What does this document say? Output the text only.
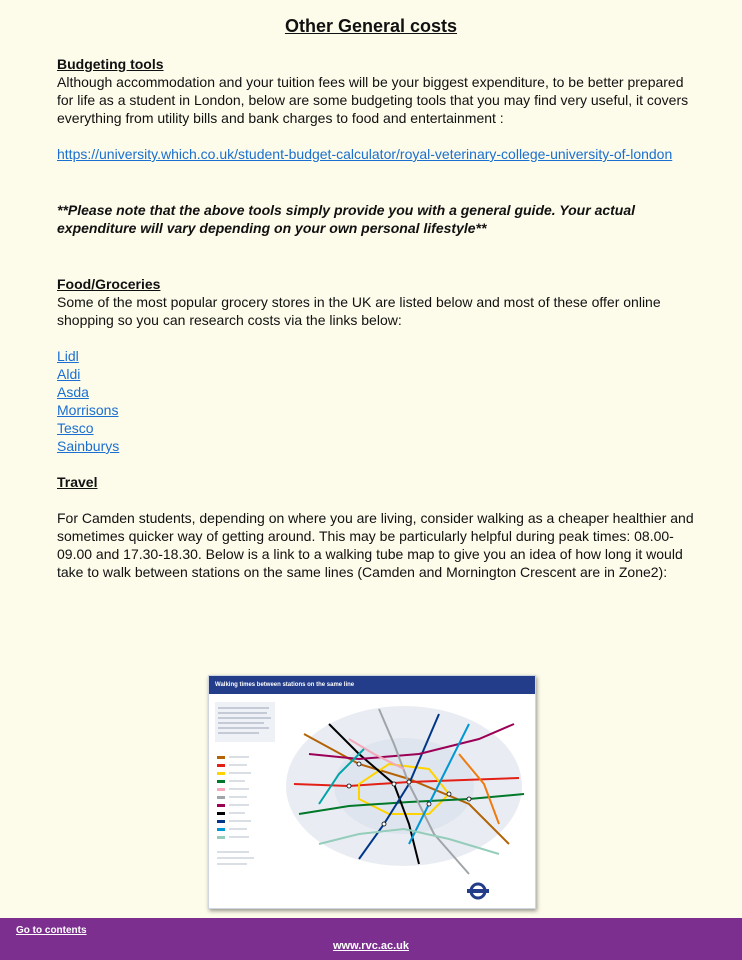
Other General costs

Budgeting tools

Although accommodation and your tuition fees will be your biggest expenditure, to be better prepared for life as a student in London, below are some budgeting tools that you may find very useful, it covers everything from utility bills and bank charges to food and entertainment :

https://university.which.co.uk/student-budget-calculator/royal-veterinary-college-university-of-london

**Please note that the above tools simply provide you with a general guide. Your actual expenditure will vary depending on your own personal lifestyle**

Food/Groceries

Some of the most popular grocery stores in the UK are listed below and most of these offer online shopping so you can research costs via the links below:

Lidl
Aldi
Asda
Morrisons
Tesco
Sainburys

Travel

For Camden students, depending on where you are living, consider walking as a cheaper healthier and sometimes quicker way of getting around. This may be particularly helpful during peak times: 08.00-09.00 and 17.30-18.30. Below is a link to a walking tube map to give you an idea of how long it would take to walk between stations on the same lines (Camden and Mornington Crescent are in Zone2):

Walking times between stations on the same line
Go to contents
www.rvc.ac.uk
